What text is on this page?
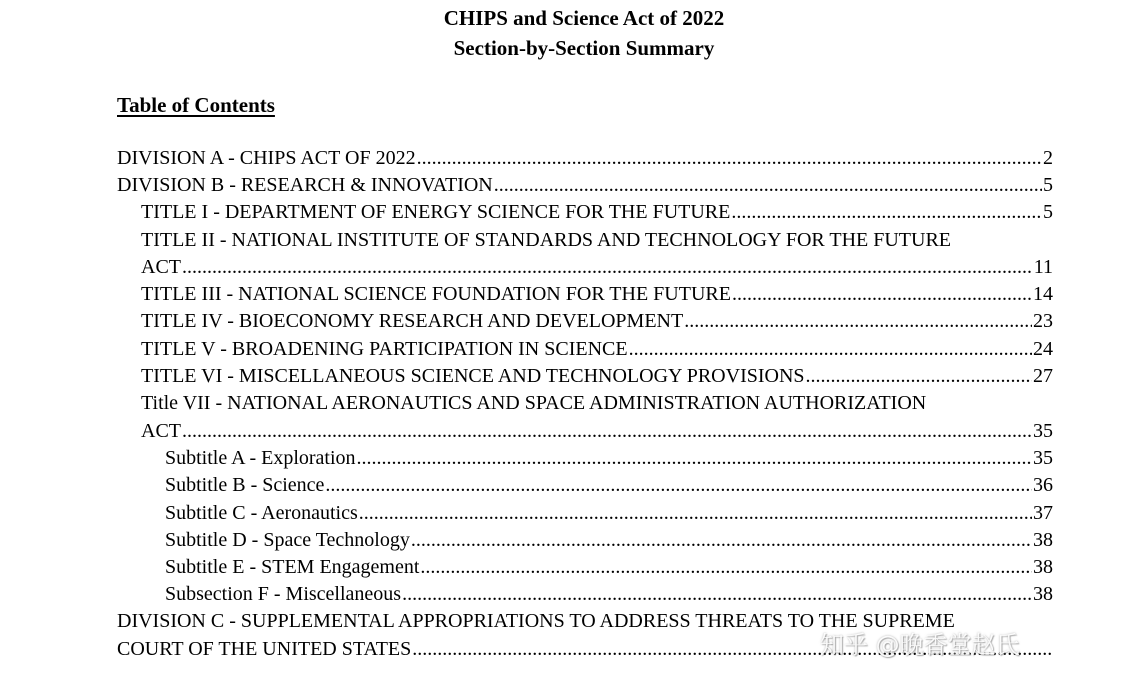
CHIPS and Science Act of 2022
Section-by-Section Summary
Table of Contents
DIVISION A - CHIPS ACT OF 2022 .....	2
DIVISION B - RESEARCH & INNOVATION .....	5
TITLE I - DEPARTMENT OF ENERGY SCIENCE FOR THE FUTURE .....	5
TITLE II - NATIONAL INSTITUTE OF STANDARDS AND TECHNOLOGY FOR THE FUTURE
ACT .....	11
TITLE III - NATIONAL SCIENCE FOUNDATION FOR THE FUTURE .....	14
TITLE IV - BIOECONOMY RESEARCH AND DEVELOPMENT .....	23
TITLE V - BROADENING PARTICIPATION IN SCIENCE .....	24
TITLE VI - MISCELLANEOUS SCIENCE AND TECHNOLOGY PROVISIONS .....	27
Title VII - NATIONAL AERONAUTICS AND SPACE ADMINISTRATION AUTHORIZATION
ACT .....	35
Subtitle A - Exploration .....	35
Subtitle B - Science .....	36
Subtitle C - Aeronautics .....	37
Subtitle D - Space Technology .....	38
Subtitle E - STEM Engagement .....	38
Subsection F - Miscellaneous .....	38
DIVISION C - SUPPLEMENTAL APPROPRIATIONS TO ADDRESS THREATS TO THE SUPREME
COURT OF THE UNITED STATES .....	知乎 @晚香堂赵氏
